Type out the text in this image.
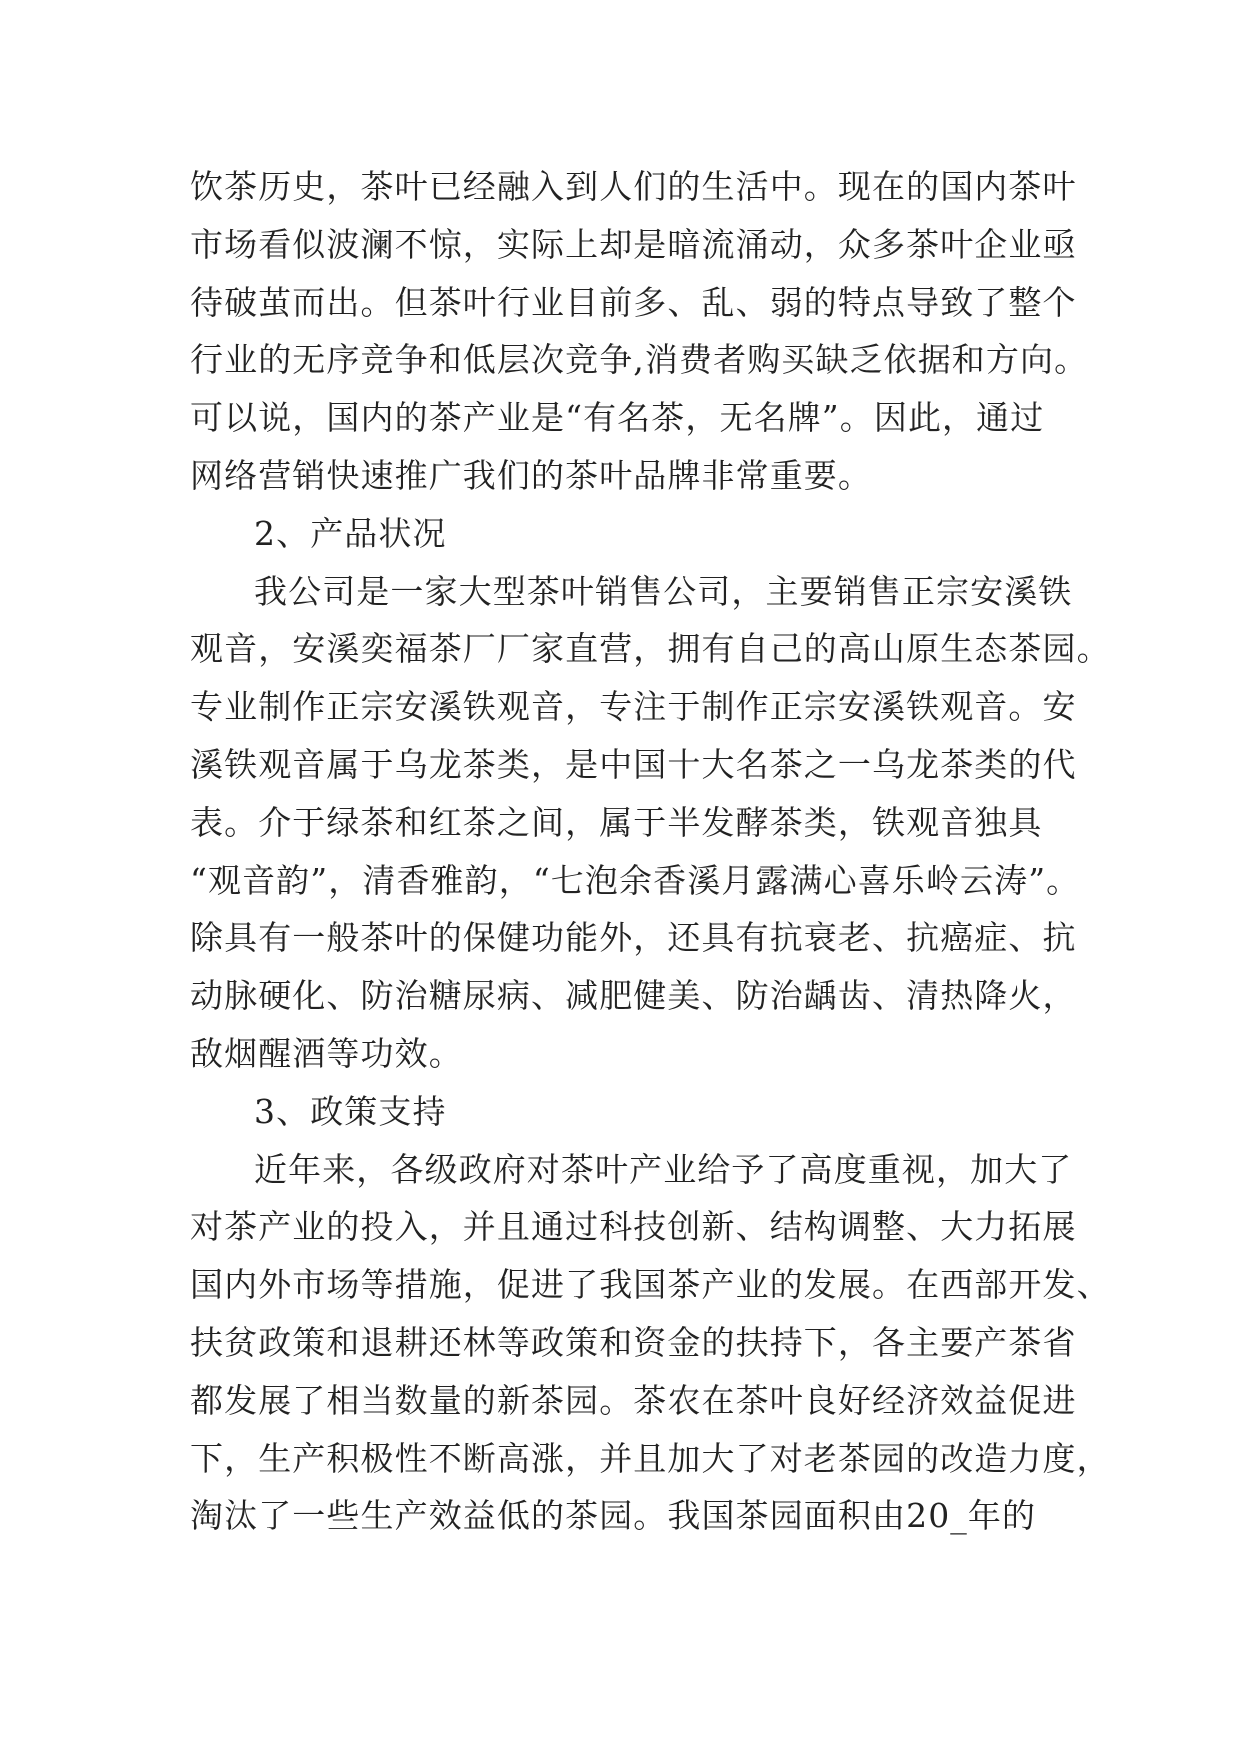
饮茶历史，茶叶已经融入到人们的生活中。现在的国内茶叶
市场看似波澜不惊，实际上却是暗流涌动，众多茶叶企业亟
待破茧而出。但茶叶行业目前多、乱、弱的特点导致了整个
行业的无序竞争和低层次竞争,消费者购买缺乏依据和方向。
可以说，国内的茶产业是“有名茶，无名牌”。因此，通过
网络营销快速推广我们的茶叶品牌非常重要。
2、产品状况
我公司是一家大型茶叶销售公司，主要销售正宗安溪铁
观音，安溪奕福茶厂厂家直营，拥有自己的高山原生态茶园。
专业制作正宗安溪铁观音，专注于制作正宗安溪铁观音。安
溪铁观音属于乌龙茶类，是中国十大名茶之一乌龙茶类的代
表。介于绿茶和红茶之间，属于半发酵茶类，铁观音独具
“观音韵”，清香雅韵，“七泡余香溪月露满心喜乐岭云涛”。
除具有一般茶叶的保健功能外，还具有抗衰老、抗癌症、抗
动脉硬化、防治糖尿病、减肥健美、防治龋齿、清热降火，
敌烟醒酒等功效。
3、政策支持
近年来，各级政府对茶叶产业给予了高度重视，加大了
对茶产业的投入，并且通过科技创新、结构调整、大力拓展
国内外市场等措施，促进了我国茶产业的发展。在西部开发、
扶贫政策和退耕还林等政策和资金的扶持下，各主要产茶省
都发展了相当数量的新茶园。茶农在茶叶良好经济效益促进
下，生产积极性不断高涨，并且加大了对老茶园的改造力度，
淘汰了一些生产效益低的茶园。我国茶园面积由20_年的
